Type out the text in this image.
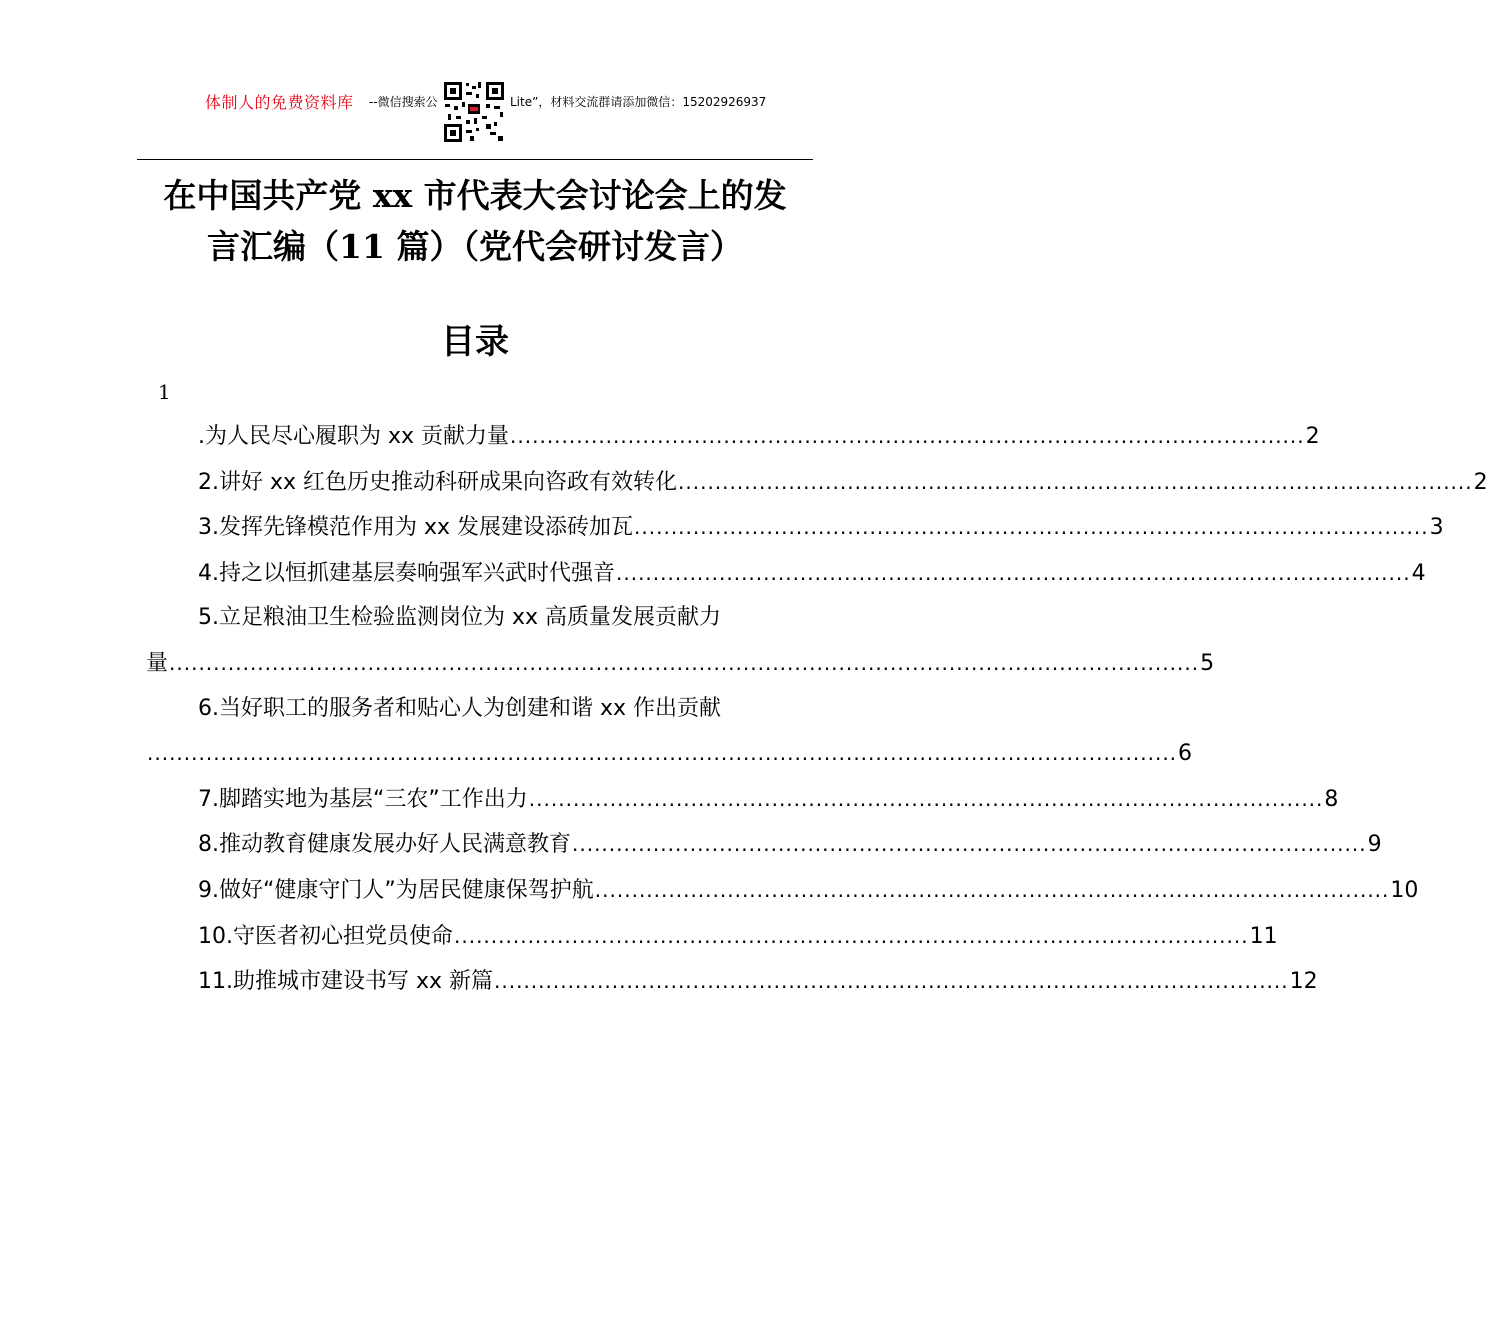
体制人的免费资料库 --微信搜索公	Lite”，材料交流群请添加微信：15202926937
在中国共产党 xx 市代表大会讨论会上的发
言汇编（11 篇）（党代会研讨发言）
目录
1
.为人民尽心履职为 xx 贡献力量 ............................................................................................................ 2
2.讲好 xx 红色历史推动科研成果向咨政有效转化 ............................................................................................................ 2
3.发挥先锋模范作用为 xx 发展建设添砖加瓦 ............................................................................................................ 3
4.持之以恒抓建基层奏响强军兴武时代强音 ............................................................................................................ 4
5.立足粮油卫生检验监测岗位为 xx 高质量发展贡献力
量 ............................................................................................................................................ 5
6.当好职工的服务者和贴心人为创建和谐 xx 作出贡献
............................................................................................................................................ 6
7.脚踏实地为基层“三农”工作出力 ............................................................................................................ 8
8.推动教育健康发展办好人民满意教育 ............................................................................................................ 9
9.做好“健康守门人”为居民健康保驾护航 ............................................................................................................ 10
10.守医者初心担党员使命 ............................................................................................................ 11
11.助推城市建设书写 xx 新篇 ............................................................................................................ 12
